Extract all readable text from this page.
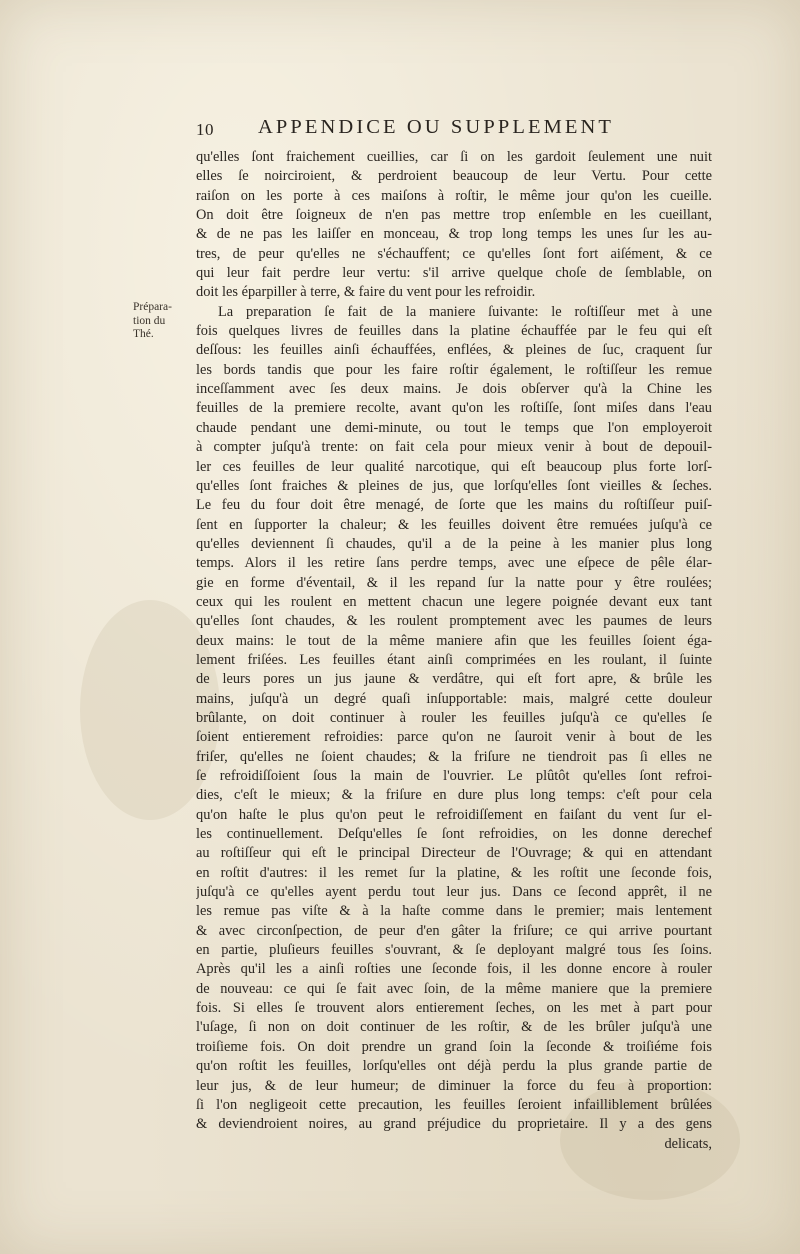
10 APPENDICE OU SUPPLEMENT
Prépara-
tion du
Thé.
qu'elles ſont fraichement cueillies, car ſi on les gardoit ſeulement une nuit
elles ſe noirciroient, & perdroient beaucoup de leur Vertu. Pour cette
raiſon on les porte à ces maiſons à roſtir, le même jour qu'on les cueille.
On doit être ſoigneux de n'en pas mettre trop enſemble en les cueillant,
& de ne pas les laiſſer en monceau, & trop long temps les unes ſur les au-
tres, de peur qu'elles ne s'échauffent; ce qu'elles ſont fort aiſément, & ce
qui leur fait perdre leur vertu: s'il arrive quelque choſe de ſemblable, on
doit les éparpiller à terre, & faire du vent pour les refroidir.
La preparation ſe fait de la maniere ſuivante: le roſtiſſeur met à une
fois quelques livres de feuilles dans la platine échauffée par le feu qui eſt
deſſous: les feuilles ainſi échauffées, enflées, & pleines de ſuc, craquent ſur
les bords tandis que pour les faire roſtir également, le roſtiſſeur les remue
inceſſamment avec ſes deux mains. Je dois obſerver qu'à la Chine les
feuilles de la premiere recolte, avant qu'on les roſtiſſe, ſont miſes dans l'eau
chaude pendant une demi-minute, ou tout le temps que l'on employeroit
à compter juſqu'à trente: on fait cela pour mieux venir à bout de depouil-
ler ces feuilles de leur qualité narcotique, qui eſt beaucoup plus forte lorſ-
qu'elles ſont fraiches & pleines de jus, que lorſqu'elles ſont vieilles & ſeches.
Le feu du four doit être menagé, de ſorte que les mains du roſtiſſeur puiſ-
ſent en ſupporter la chaleur; & les feuilles doivent être remuées juſqu'à ce
qu'elles deviennent ſi chaudes, qu'il a de la peine à les manier plus long
temps. Alors il les retire ſans perdre temps, avec une eſpece de pêle élar-
gie en forme d'éventail, & il les repand ſur la natte pour y être roulées;
ceux qui les roulent en mettent chacun une legere poignée devant eux tant
qu'elles ſont chaudes, & les roulent promptement avec les paumes de leurs
deux mains: le tout de la même maniere afin que les feuilles ſoient éga-
lement friſées. Les feuilles étant ainſi comprimées en les roulant, il ſuinte
de leurs pores un jus jaune & verdâtre, qui eſt fort apre, & brûle les
mains, juſqu'à un degré quaſi inſupportable: mais, malgré cette douleur
brûlante, on doit continuer à rouler les feuilles juſqu'à ce qu'elles ſe
ſoient entierement refroidies: parce qu'on ne ſauroit venir à bout de les
friſer, qu'elles ne ſoient chaudes; & la friſure ne tiendroit pas ſi elles ne
ſe refroidiſſoient ſous la main de l'ouvrier. Le plûtôt qu'elles ſont refroi-
dies, c'eſt le mieux; & la friſure en dure plus long temps: c'eſt pour cela
qu'on haſte le plus qu'on peut le refroidiſſement en faiſant du vent ſur el-
les continuellement. Deſqu'elles ſe ſont refroidies, on les donne derechef
au roſtiſſeur qui eſt le principal Directeur de l'Ouvrage; & qui en attendant
en roſtit d'autres: il les remet ſur la platine, & les roſtit une ſeconde fois,
juſqu'à ce qu'elles ayent perdu tout leur jus. Dans ce ſecond apprêt, il ne
les remue pas viſte & à la haſte comme dans le premier; mais lentement
& avec circonſpection, de peur d'en gâter la friſure; ce qui arrive pourtant
en partie, pluſieurs feuilles s'ouvrant, & ſe deployant malgré tous ſes ſoins.
Après qu'il les a ainſi roſties une ſeconde fois, il les donne encore à rouler
de nouveau: ce qui ſe fait avec ſoin, de la même maniere que la premiere
fois. Si elles ſe trouvent alors entierement ſeches, on les met à part pour
l'uſage, ſi non on doit continuer de les roſtir, & de les brûler juſqu'à une
troiſieme fois. On doit prendre un grand ſoin la ſeconde & troiſiéme fois
qu'on roſtit les feuilles, lorſqu'elles ont déjà perdu la plus grande partie de
leur jus, & de leur humeur; de diminuer la force du feu à proportion:
ſi l'on negligeoit cette precaution, les feuilles ſeroient infailliblement brûlées
& deviendroient noires, au grand préjudice du proprietaire. Il y a des gens
delicats,
